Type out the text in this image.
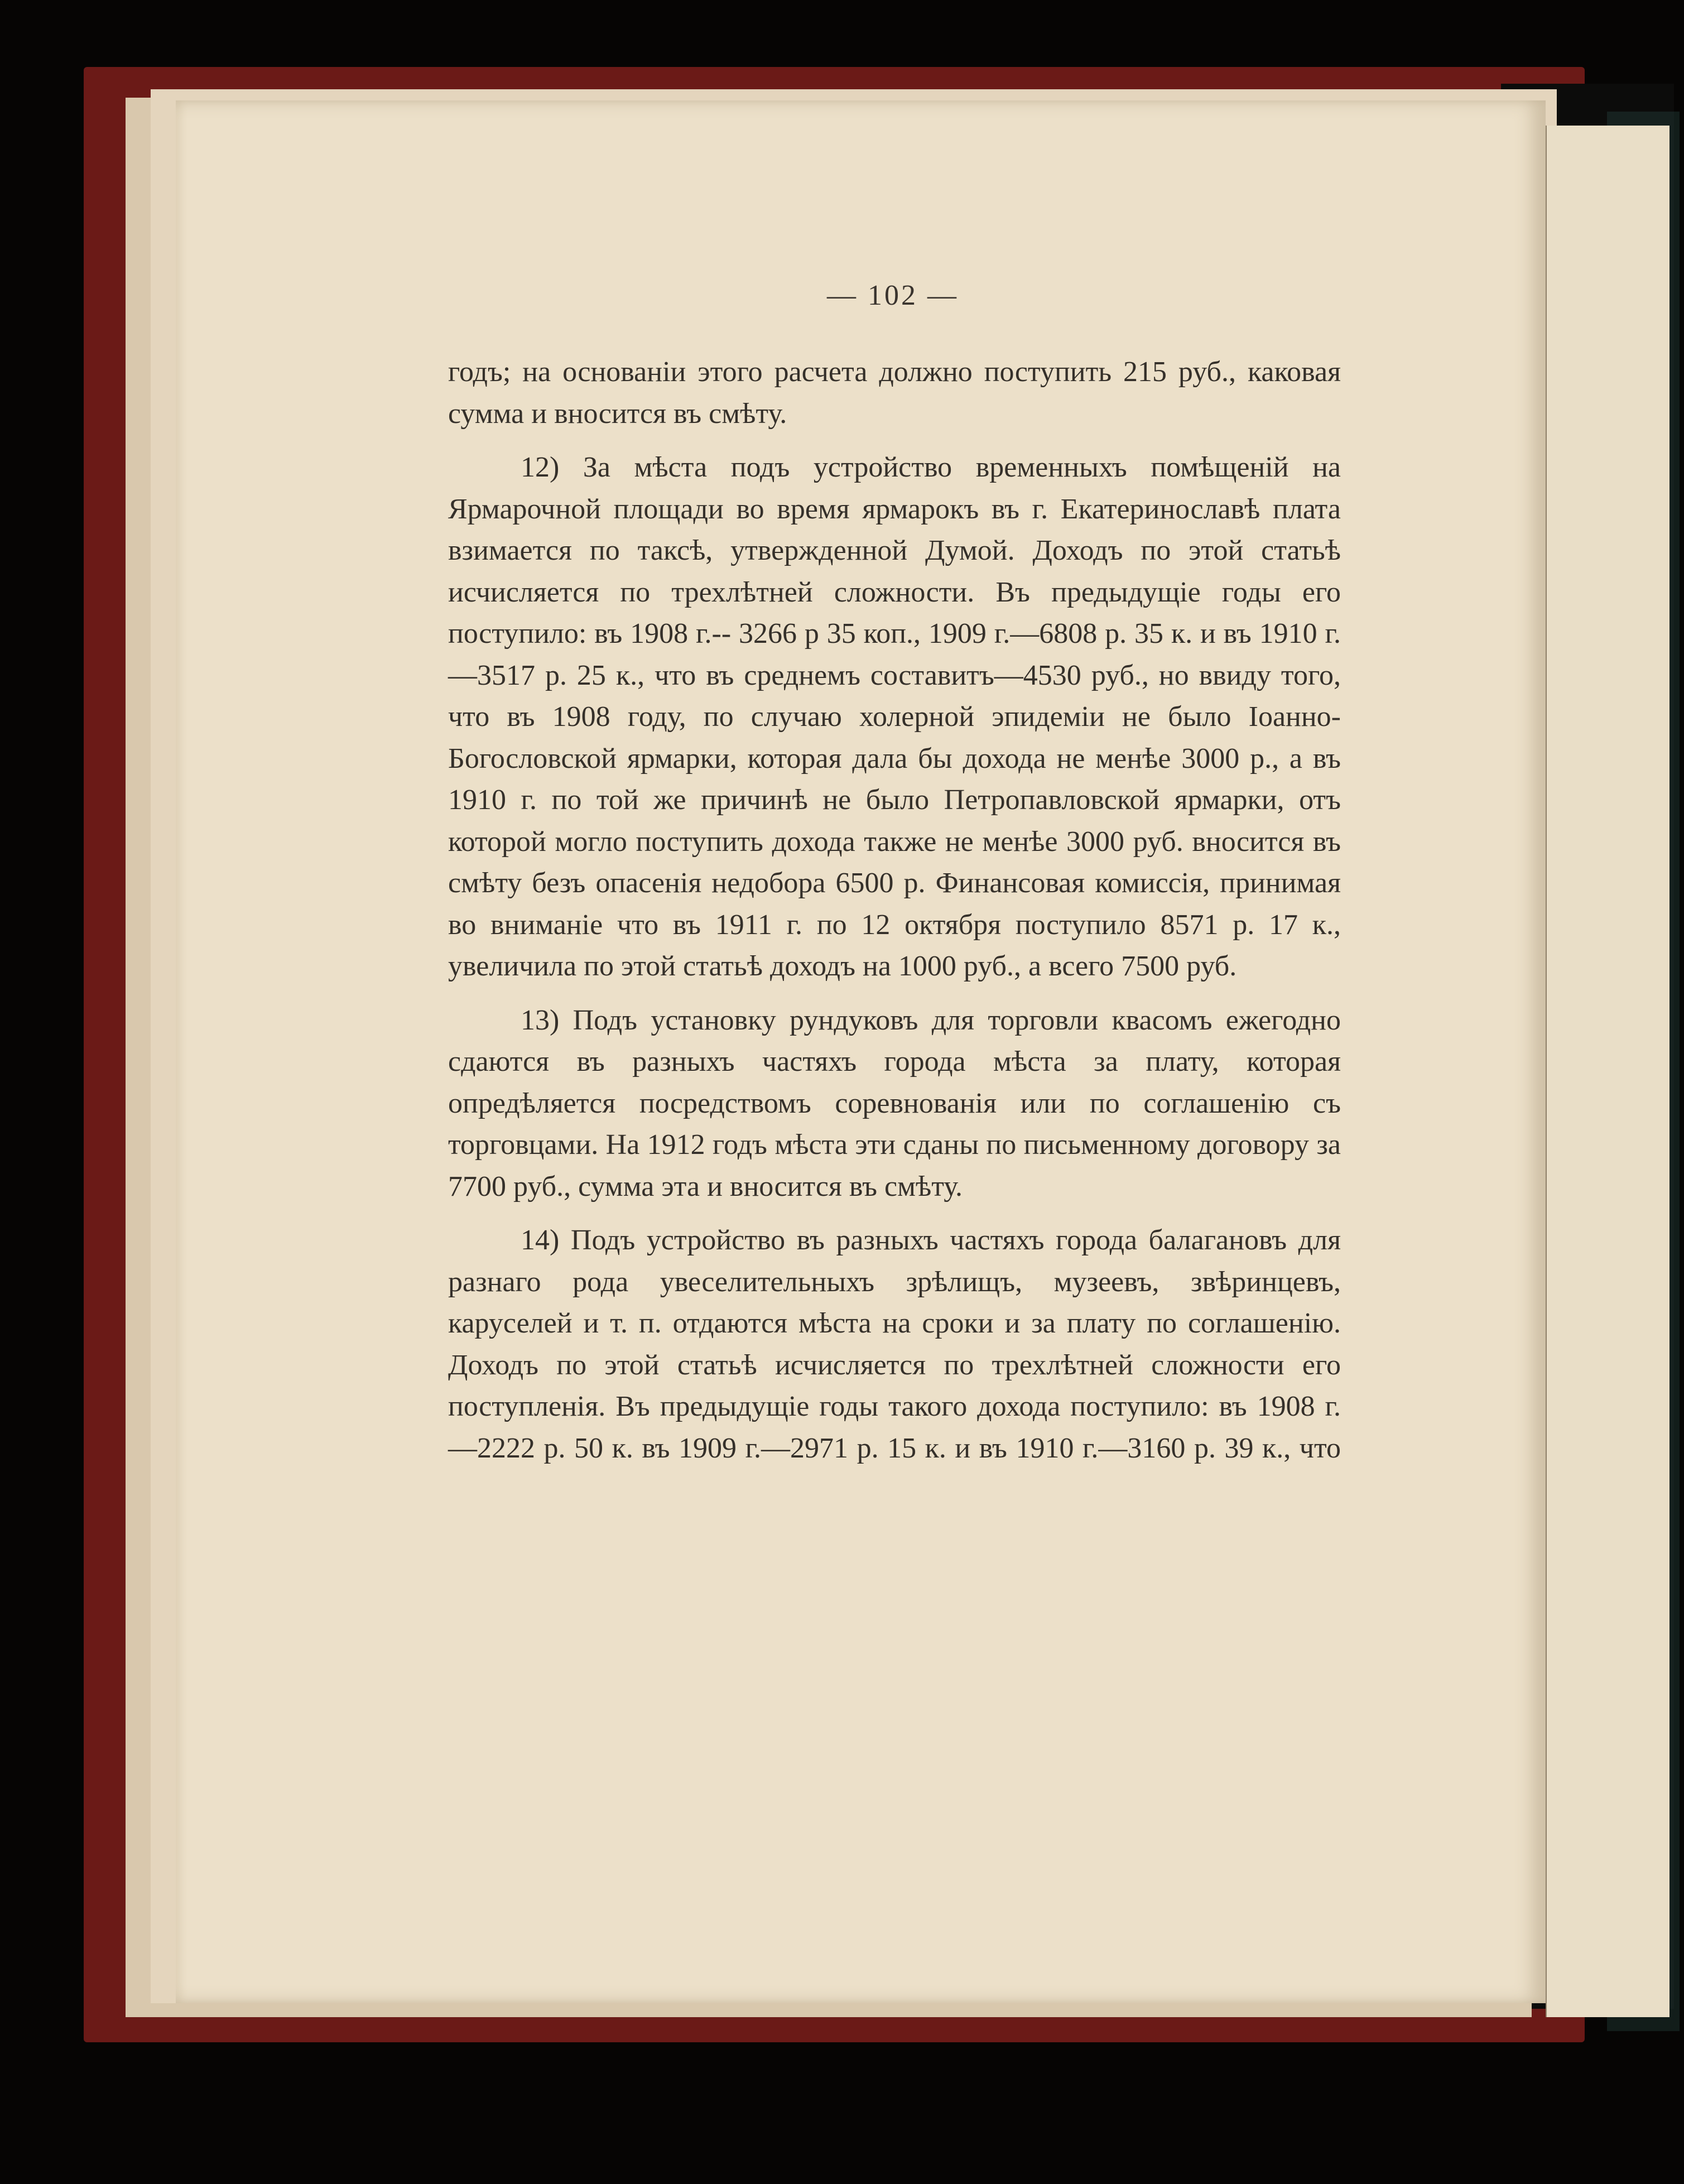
— 102 —

годъ; на основанiи этого расчета должно поступить 215 руб., каковая сумма и вносится въ смѣту.

12) За мѣста подъ устройство временныхъ помѣщенiй на Ярмарочной площади во время ярмарокъ въ г. Екатеринославѣ плата взимается по таксѣ, утвержденной Думой. Доходъ по этой статьѣ исчисляется по трехлѣтней сложности. Въ предыдущiе годы его поступило: въ 1908 г.-- 3266 р 35 коп., 1909 г.—6808 р. 35 к. и въ 1910 г.—3517 р. 25 к., что въ среднемъ составитъ—4530 руб., но ввиду того, что въ 1908 году, по случаю холерной эпидемiи не было Іоанно-Богословской ярмарки, которая дала бы дохода не менѣе 3000 р., а въ 1910 г. по той же причинѣ не было Петропавловской ярмарки, отъ которой могло поступить дохода также не менѣе 3000 руб. вносится въ смѣту безъ опасенiя недобора 6500 р. Финансовая комиссiя, принимая во вниманiе что въ 1911 г. по 12 октября поступило 8571 р. 17 к., увеличила по этой статьѣ доходъ на 1000 руб., а всего 7500 руб.

13) Подъ установку рундуковъ для торговли квасомъ ежегодно сдаются въ разныхъ частяхъ города мѣста за плату, которая опредѣляется посредствомъ соревнованiя или по соглашенiю съ торговцами. На 1912 годъ мѣста эти сданы по письменному договору за 7700 руб., сумма эта и вносится въ смѣту.

14) Подъ устройство въ разныхъ частяхъ города балагановъ для разнаго рода увеселительныхъ зрѣлищъ, музеевъ, звѣринцевъ, каруселей и т. п. отдаются мѣста на сроки и за плату по соглашенiю. Доходъ по этой статьѣ исчисляется по трехлѣтней сложности его поступленiя. Въ предыдущiе годы такого дохода поступило: въ 1908 г.—2222 р. 50 к. въ 1909 г.—2971 р. 15 к. и въ 1910 г.—3160 р. 39 к., что
